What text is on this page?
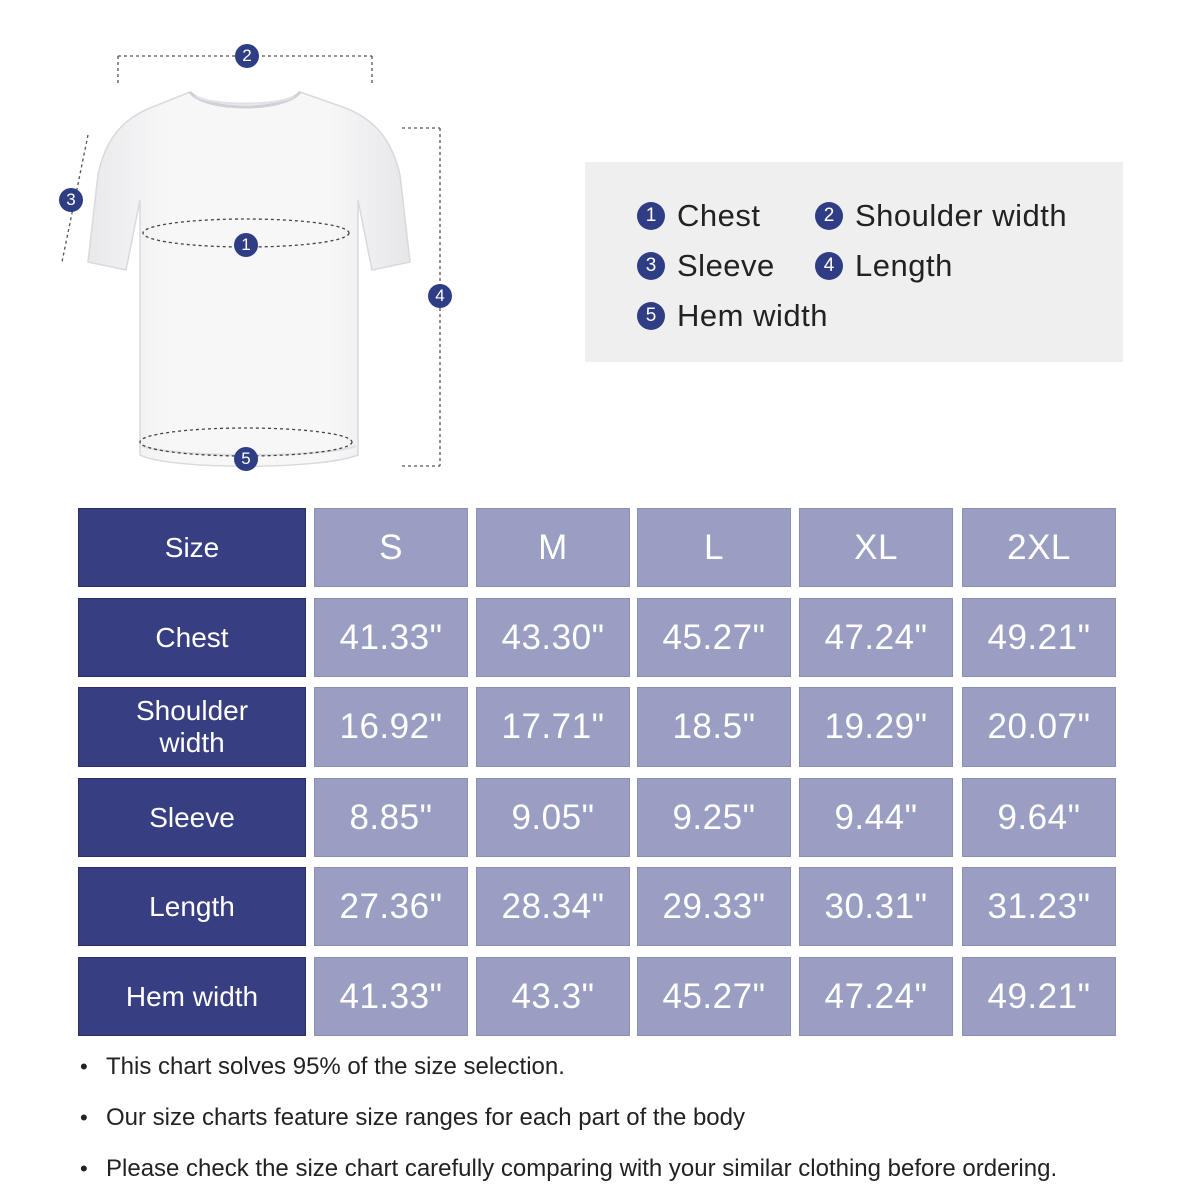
2
3
1
4
5
1 Chest	2 Shoulder width
3 Sleeve	4 Length
5 Hem width
Size	S	M	L	XL	2XL
Chest	41.33"	43.30"	45.27"	47.24"	49.21"
Shoulder width	16.92"	17.71"	18.5"	19.29"	20.07"
Sleeve	8.85"	9.05"	9.25"	9.44"	9.64"
Length	27.36"	28.34"	29.33"	30.31"	31.23"
Hem width	41.33"	43.3"	45.27"	47.24"	49.21"
• This chart solves 95% of the size selection.
• Our size charts feature size ranges for each part of the body
• Please check the size chart carefully comparing with your similar clothing before ordering.
